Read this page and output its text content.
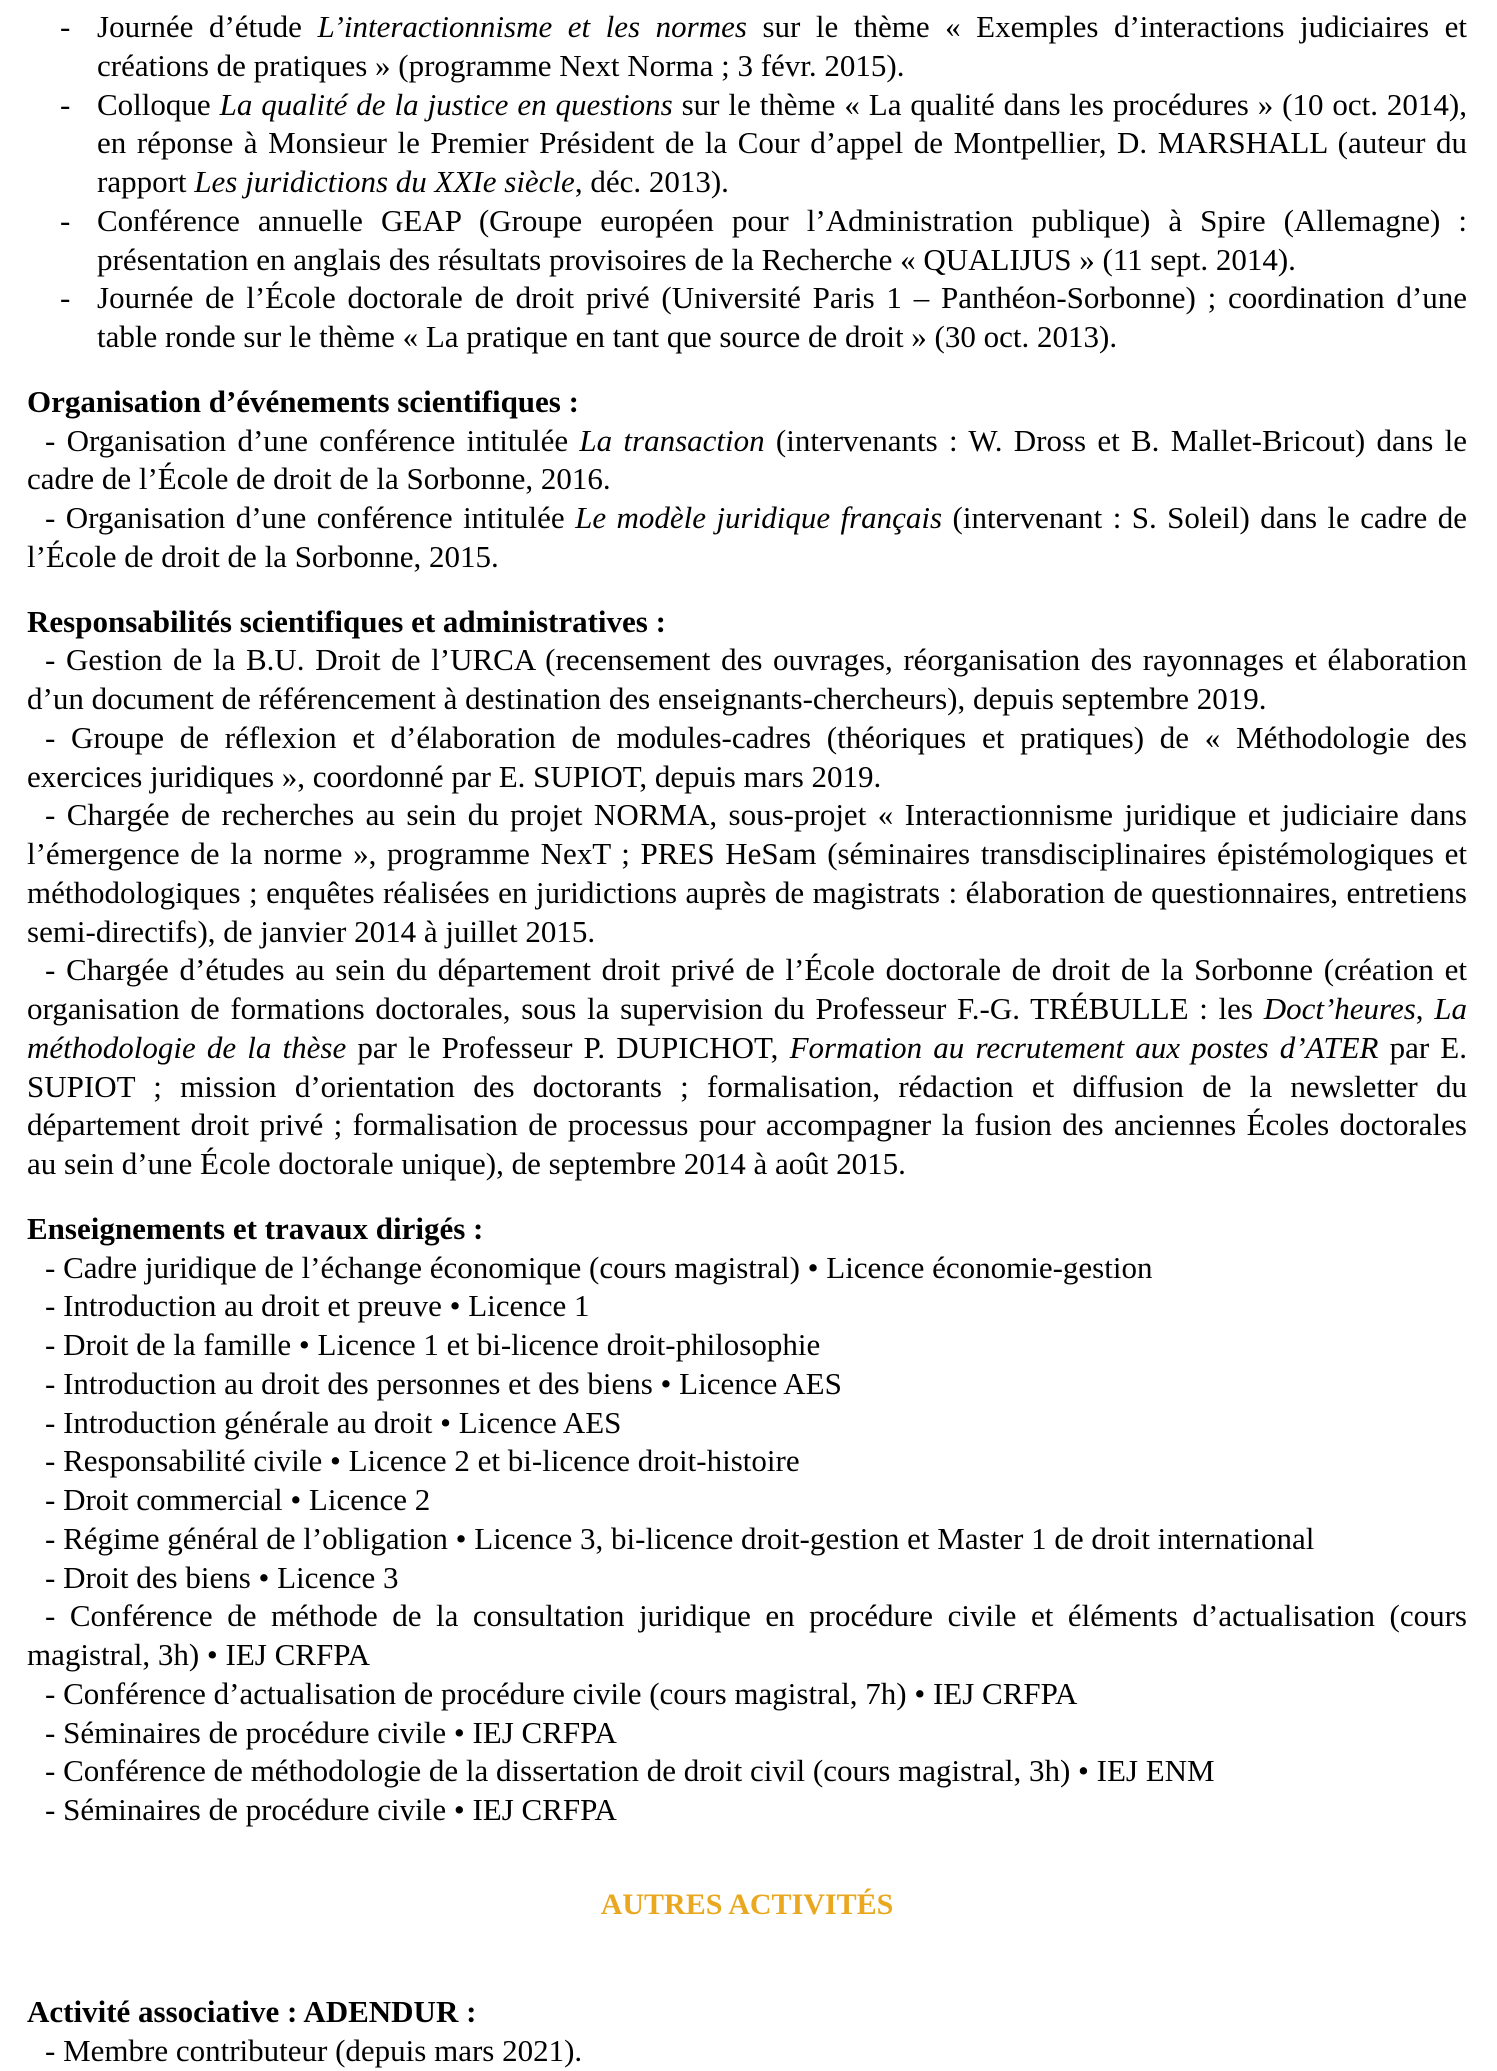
- Journée d’étude L’interactionnisme et les normes sur le thème « Exemples d’interactions judiciaires et créations de pratiques » (programme Next Norma ; 3 févr. 2015).
- Colloque La qualité de la justice en questions sur le thème « La qualité dans les procédures » (10 oct. 2014), en réponse à Monsieur le Premier Président de la Cour d’appel de Montpellier, D. MARSHALL (auteur du rapport Les juridictions du XXIe siècle, déc. 2013).
- Conférence annuelle GEAP (Groupe européen pour l’Administration publique) à Spire (Allemagne) : présentation en anglais des résultats provisoires de la Recherche « QUALIJUS » (11 sept. 2014).
- Journée de l’École doctorale de droit privé (Université Paris 1 – Panthéon-Sorbonne) ; coordination d’une table ronde sur le thème « La pratique en tant que source de droit » (30 oct. 2013).

Organisation d’événements scientifiques :

- Organisation d’une conférence intitulée La transaction (intervenants : W. Dross et B. Mallet-Bricout) dans le cadre de l’École de droit de la Sorbonne, 2016.

- Organisation d’une conférence intitulée Le modèle juridique français (intervenant : S. Soleil) dans le cadre de l’École de droit de la Sorbonne, 2015.

Responsabilités scientifiques et administratives :

- Gestion de la B.U. Droit de l’URCA (recensement des ouvrages, réorganisation des rayonnages et élaboration d’un document de référencement à destination des enseignants-chercheurs), depuis septembre 2019.

- Groupe de réflexion et d’élaboration de modules-cadres (théoriques et pratiques) de « Méthodologie des exercices juridiques », coordonné par E. SUPIOT, depuis mars 2019.

- Chargée de recherches au sein du projet NORMA, sous-projet « Interactionnisme juridique et judiciaire dans l’émergence de la norme », programme NexT ; PRES HeSam (séminaires transdisciplinaires épistémologiques et méthodologiques ; enquêtes réalisées en juridictions auprès de magistrats : élaboration de questionnaires, entretiens semi-directifs), de janvier 2014 à juillet 2015.

- Chargée d’études au sein du département droit privé de l’École doctorale de droit de la Sorbonne (création et organisation de formations doctorales, sous la supervision du Professeur F.-G. TRÉBULLE : les Doct’heures, La méthodologie de la thèse par le Professeur P. DUPICHOT, Formation au recrutement aux postes d’ATER par E. SUPIOT ; mission d’orientation des doctorants ; formalisation, rédaction et diffusion de la newsletter du département droit privé ; formalisation de processus pour accompagner la fusion des anciennes Écoles doctorales au sein d’une École doctorale unique), de septembre 2014 à août 2015.

Enseignements et travaux dirigés :

- Cadre juridique de l’échange économique (cours magistral) • Licence économie-gestion

- Introduction au droit et preuve • Licence 1

- Droit de la famille • Licence 1 et bi-licence droit-philosophie

- Introduction au droit des personnes et des biens • Licence AES

- Introduction générale au droit • Licence AES

- Responsabilité civile • Licence 2 et bi-licence droit-histoire

- Droit commercial • Licence 2

- Régime général de l’obligation • Licence 3, bi-licence droit-gestion et Master 1 de droit international

- Droit des biens • Licence 3

- Conférence de méthode de la consultation juridique en procédure civile et éléments d’actualisation (cours magistral, 3h) • IEJ CRFPA

- Conférence d’actualisation de procédure civile (cours magistral, 7h) • IEJ CRFPA

- Séminaires de procédure civile • IEJ CRFPA

- Conférence de méthodologie de la dissertation de droit civil (cours magistral, 3h) • IEJ ENM

- Séminaires de procédure civile • IEJ CRFPA

AUTRES ACTIVITÉS

Activité associative : ADENDUR :

- Membre contributeur (depuis mars 2021).
